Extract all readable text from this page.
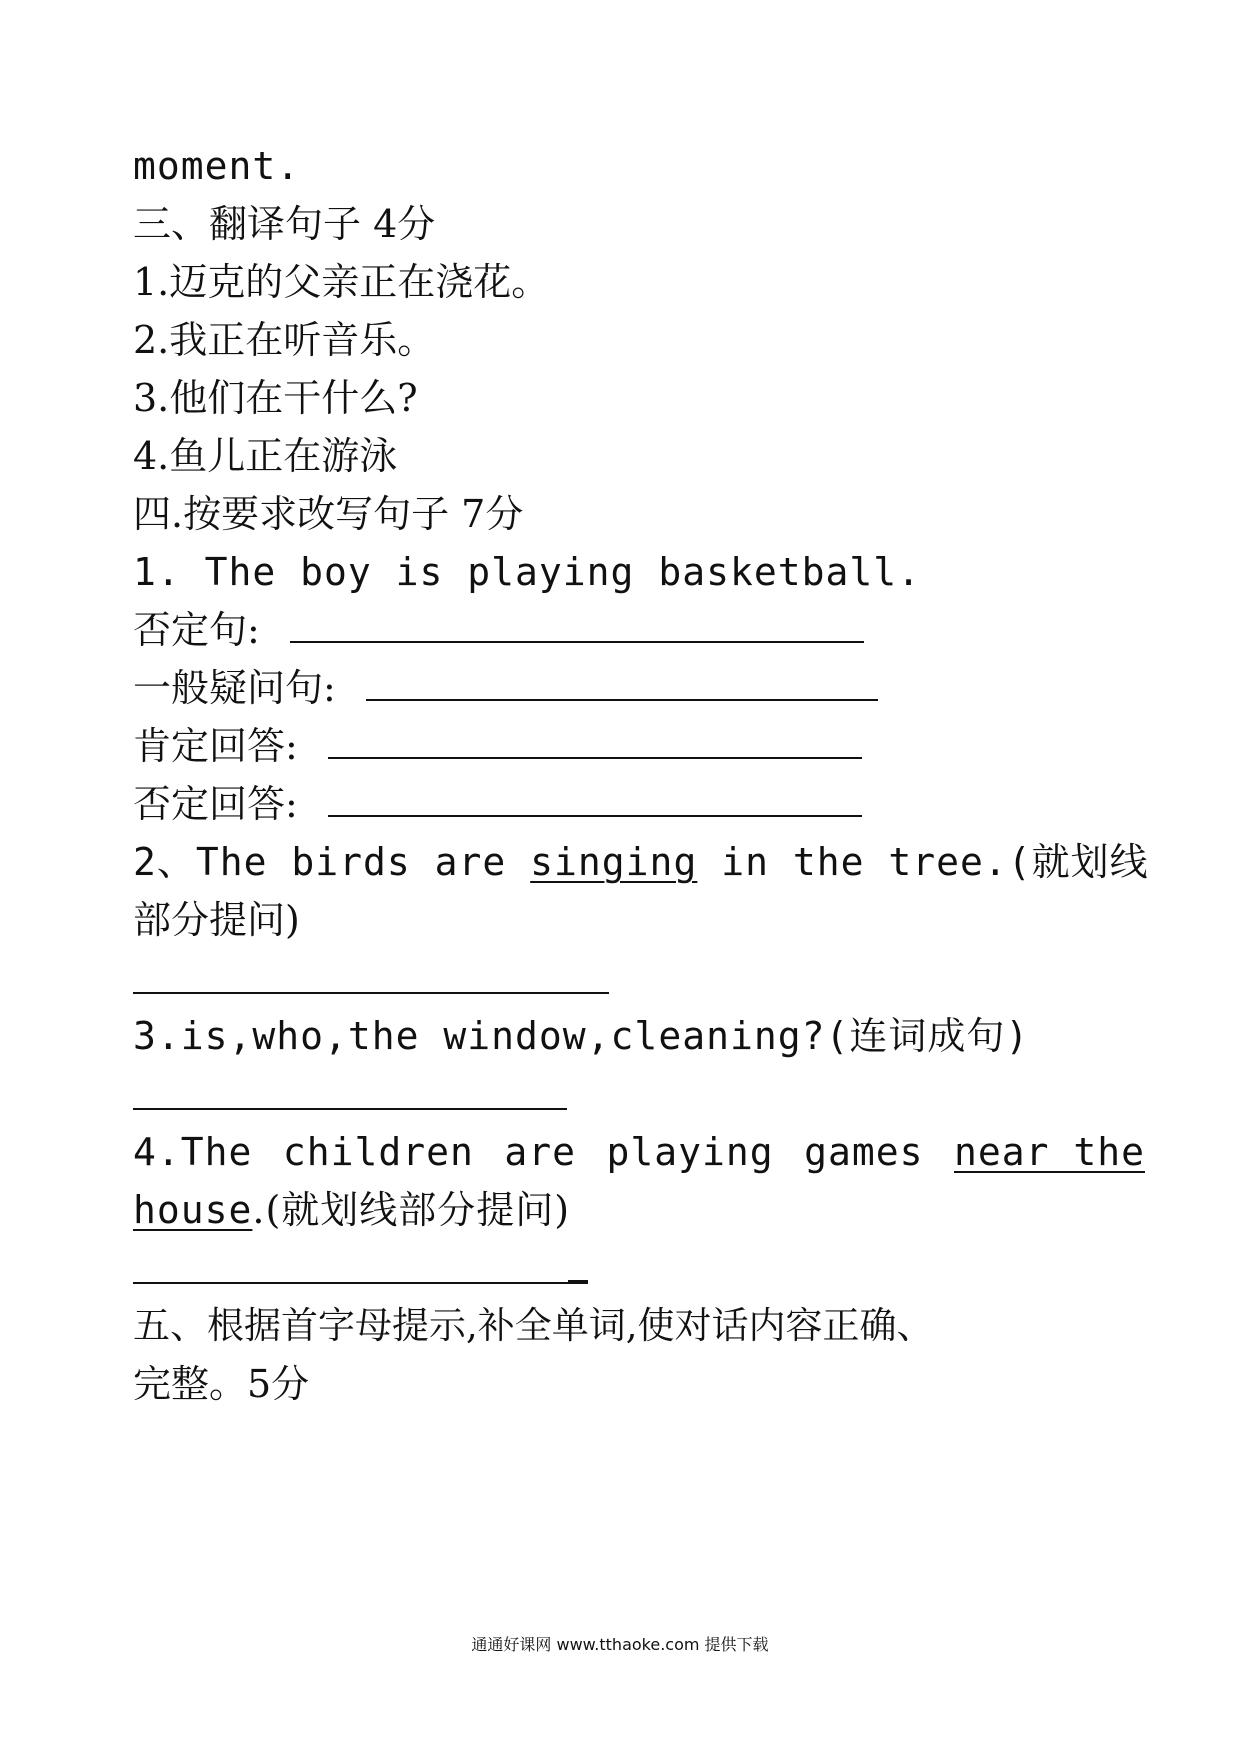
moment.
三、翻译句子 4分
1.迈克的父亲正在浇花。
2.我正在听音乐。
3.他们在干什么?
4.鱼儿正在游泳
四.按要求改写句子 7分
1. The boy is playing basketball.
否定句:
一般疑问句:
肯定回答:
否定回答:
2、The birds are singing in the tree.(就划线
部分提问)
3.is,who,the window,cleaning?(连词成句)
4.The children are playing games near the
house.(就划线部分提问)
五、根据首字母提示,补全单词,使对话内容正确、
完整。5分
通通好课网 www.tthaoke.com 提供下载
